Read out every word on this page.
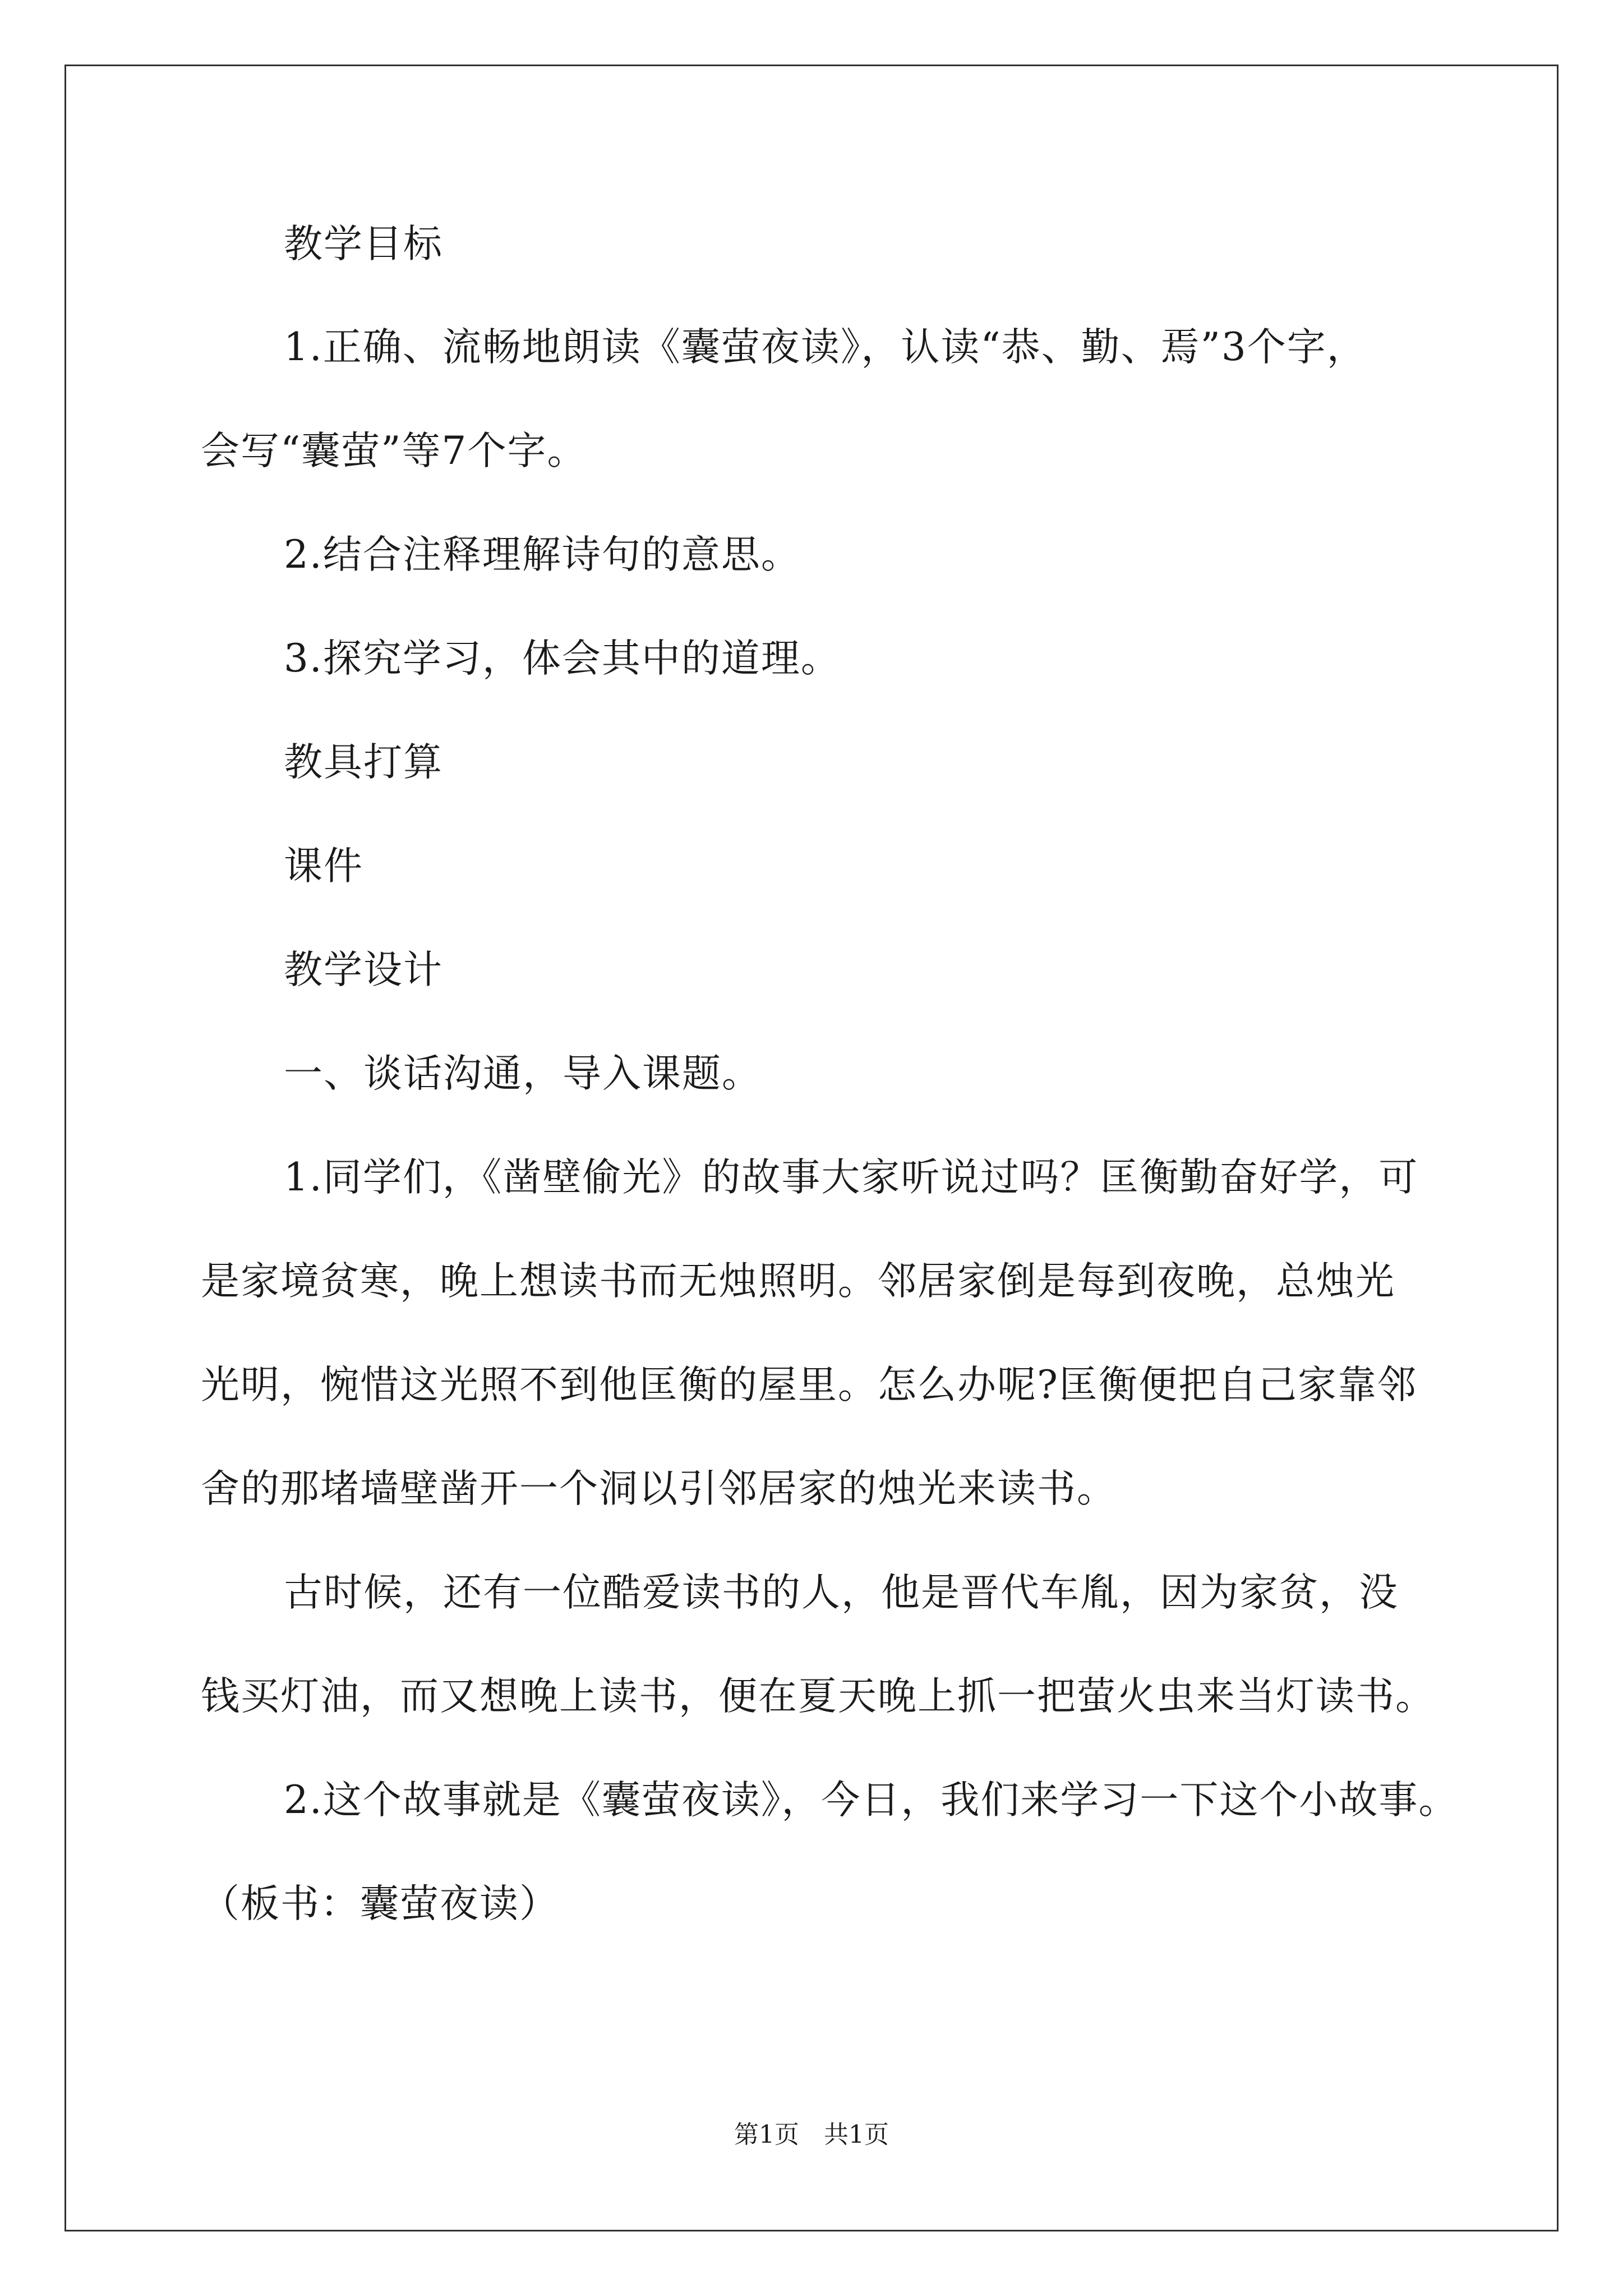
教学目标
1.正确、流畅地朗读《囊萤夜读》，认读“恭、勤、焉”3个字，
会写“囊萤”等7个字。
2.结合注释理解诗句的意思。
3.探究学习，体会其中的道理。
教具打算
课件
教学设计
一、谈话沟通，导入课题。
1.同学们，《凿壁偷光》的故事大家听说过吗？匡衡勤奋好学，可
是家境贫寒，晚上想读书而无烛照明。邻居家倒是每到夜晚，总烛光
光明，惋惜这光照不到他匡衡的屋里。怎么办呢?匡衡便把自己家靠邻
舍的那堵墙壁凿开一个洞以引邻居家的烛光来读书。
古时候，还有一位酷爱读书的人，他是晋代车胤，因为家贫，没
钱买灯油，而又想晚上读书，便在夏天晚上抓一把萤火虫来当灯读书。
2.这个故事就是《囊萤夜读》，今日，我们来学习一下这个小故事。
（板书：囊萤夜读）
第1页　共1页
